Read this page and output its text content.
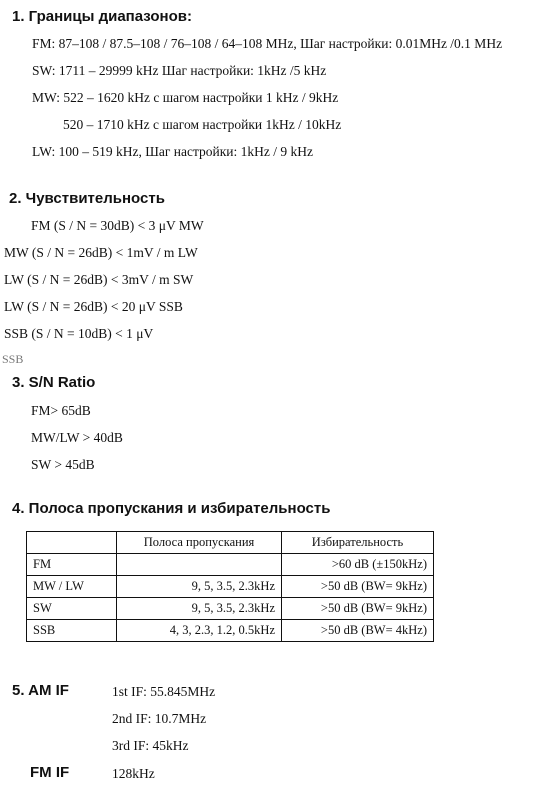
1. Границы диапазонов:
FM: 87–108 / 87.5–108 / 76–108 / 64–108 MHz, Шаг настройки: 0.01MHz /0.1 MHz
SW: 1711 – 29999 kHz Шаг настройки: 1kHz /5 kHz
MW: 522 – 1620 kHz с шагом настройки 1 kHz / 9kHz
520 – 1710 kHz с шагом настройки 1kHz / 10kHz
LW: 100 – 519 kHz, Шаг настройки: 1kHz / 9 kHz
2. Чувствительность
FM (S / N = 30dB) < 3 μV MW
MW (S / N = 26dB) < 1mV / m LW
LW (S / N = 26dB) < 3mV / m SW
LW (S / N = 26dB) < 20 μV SSB
SSB (S / N = 10dB) < 1 μV
SSB
3. S/N Ratio
FM> 65dB
MW/LW > 40dB
SW > 45dB
4. Полоса пропускания и избирательность
	Полоса пропускания	Избирательность
FM		>60 dB (±150kHz)
MW / LW	9, 5, 3.5, 2.3kHz	>50 dB (BW= 9kHz)
SW	9, 5, 3.5, 2.3kHz	>50 dB (BW= 9kHz)
SSB	4, 3, 2.3, 1.2, 0.5kHz	>50 dB (BW= 4kHz)
5. AM IF	1st IF: 55.845MHz
2nd IF: 10.7MHz
3rd IF: 45kHz
FM IF	128kHz
